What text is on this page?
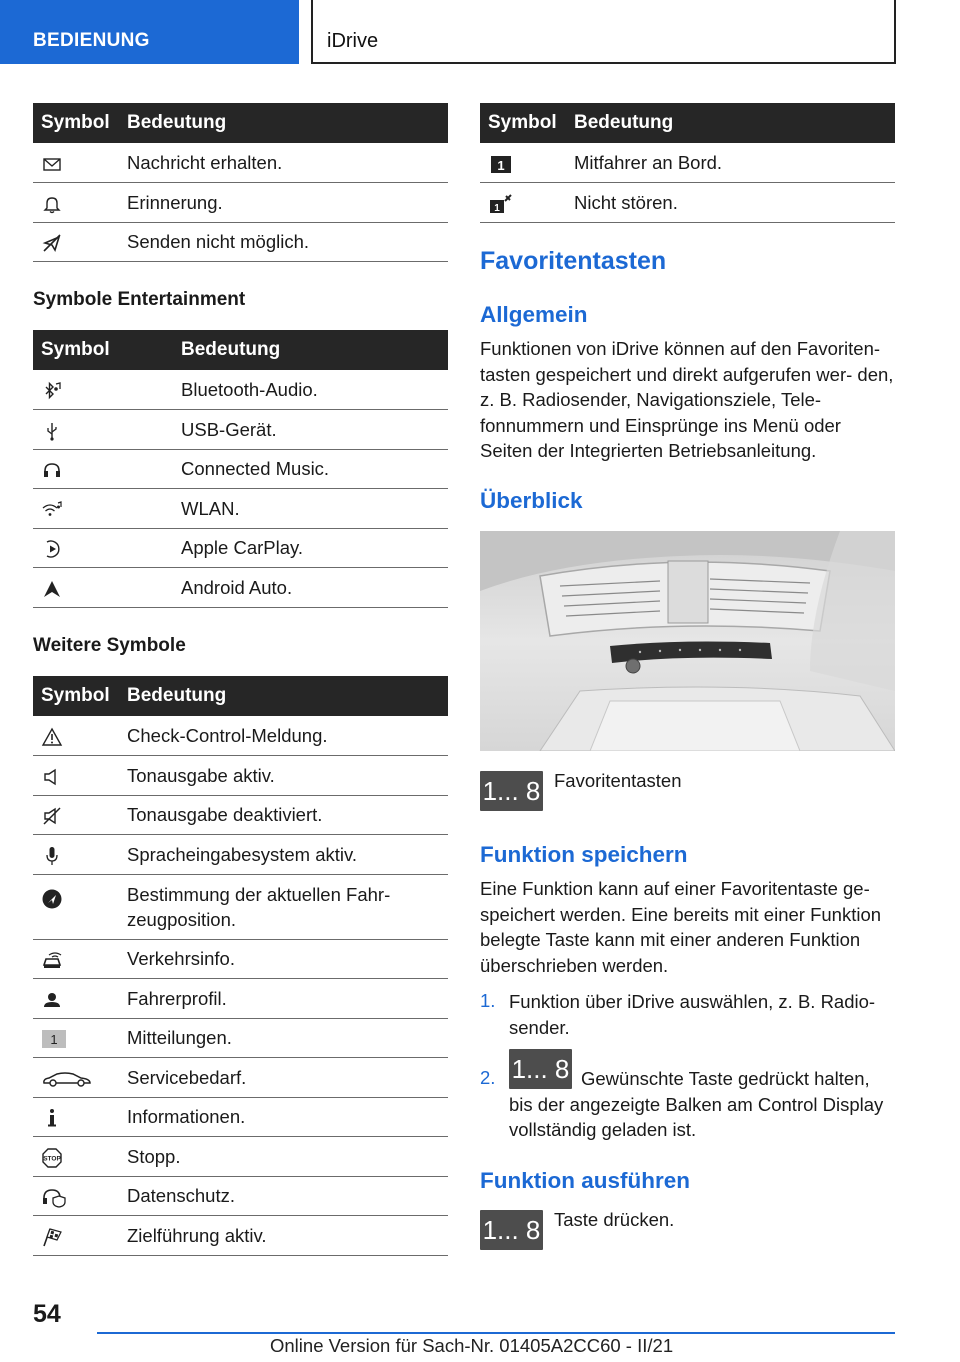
BEDIENUNG	iDrive
Symbol	Bedeutung
	Nachricht erhalten.
	Erinnerung.
	Senden nicht möglich.
Symbole Entertainment
Symbol	Bedeutung
	Bluetooth-Audio.
	USB-Gerät.
	Connected Music.
	WLAN.
	Apple CarPlay.
	Android Auto.
Weitere Symbole
Symbol	Bedeutung
	Check-Control-Meldung.
	Tonausgabe aktiv.
	Tonausgabe deaktiviert.
	Spracheingabesystem aktiv.
	Bestimmung der aktuellen Fahr- zeugposition.
	Verkehrsinfo.
	Fahrerprofil.

1	Mitteilungen.
	Servicebedarf.
	Informationen.

STOP	Stopp.
	Datenschutz.
	Zielführung aktiv.
Symbol	Bedeutung

1	Mitfahrer an Bord.

1	Nicht stören.
Favoritentasten
Allgemein
Funktionen von iDrive können auf den Favoriten- tasten gespeichert und direkt aufgerufen wer- den, z. B. Radiosender, Navigationsziele, Tele- fonnummern und Einsprünge ins Menü oder Seiten der Integrierten Betriebsanleitung.
Überblick
1... 8 Favoritentasten
Funktion speichern
Eine Funktion kann auf einer Favoritentaste ge- speichert werden. Eine bereits mit einer Funktion belegte Taste kann mit einer anderen Funktion überschrieben werden.
1. Funktion über iDrive auswählen, z. B. Radio- sender.
2. 1... 8 Gewünschte Taste gedrückt halten, bis der angezeigte Balken am Control Display vollständig geladen ist.
Funktion ausführen
1... 8 Taste drücken.
54
Online Version für Sach-Nr. 01405A2CC60 - II/21
